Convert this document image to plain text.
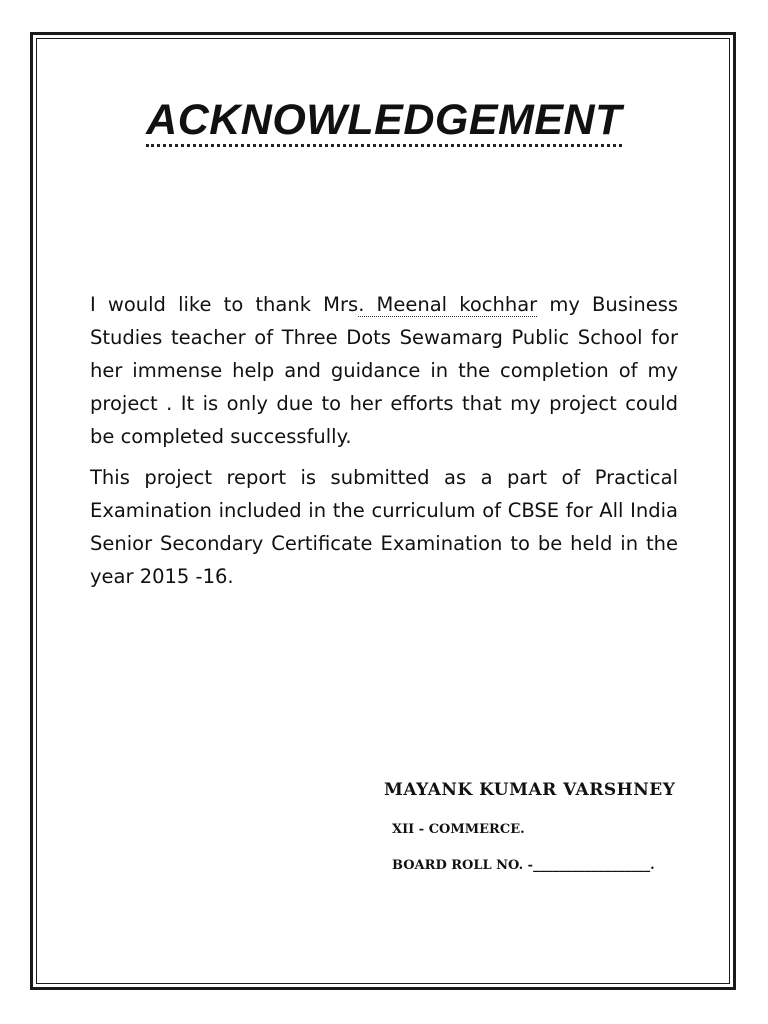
ACKNOWLEDGEMENT

I would like to thank Mrs. Meenal kochhar my Business Studies teacher of Three Dots Sewamarg Public School for her immense help and guidance in the completion of my project . It is only due to her efforts that my project could be completed successfully.

This project report is submitted as a part of Practical Examination included in the curriculum of CBSE for All India Senior Secondary Certificate Examination to be held in the year 2015 -16.

MAYANK KUMAR VARSHNEY

XII - COMMERCE.

BOARD ROLL NO. -__________________.
